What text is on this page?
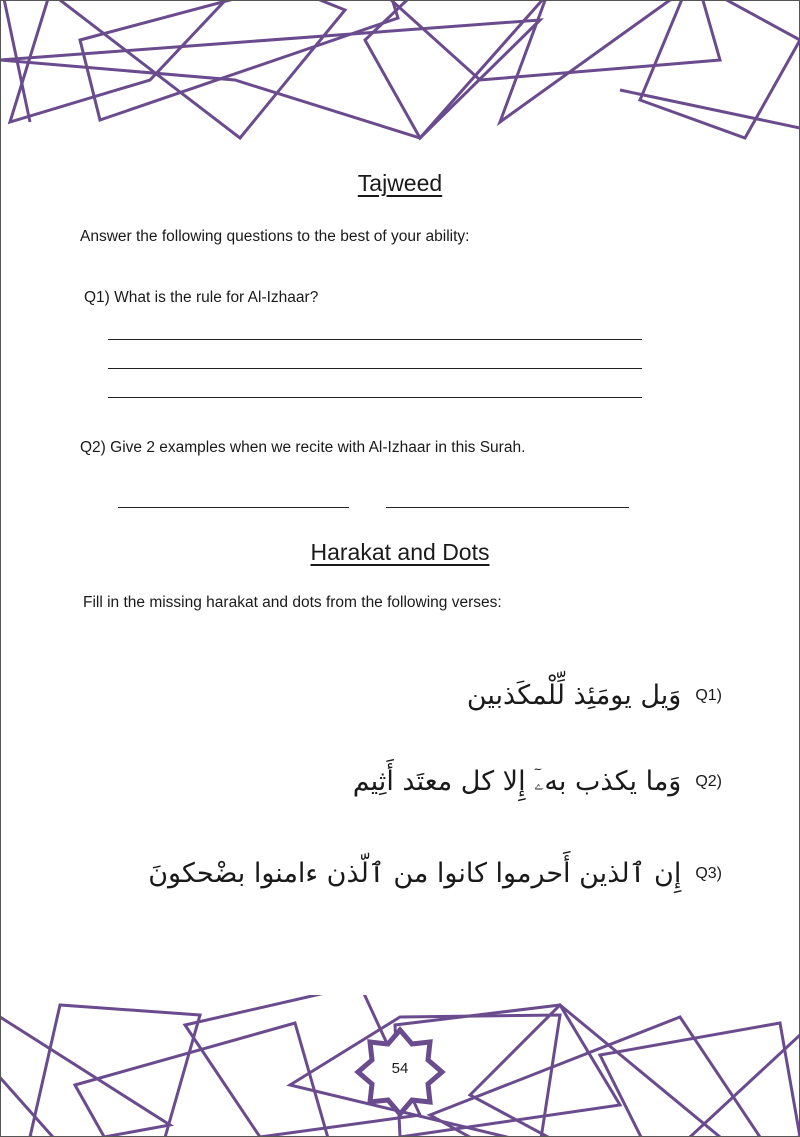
Tajweed
Answer the following questions to the best of your ability:
Q1) What is the rule for Al-Izhaar?
Q2) Give 2 examples when we recite with Al-Izhaar in this Surah.
Harakat and Dots
Fill in the missing harakat and dots from the following verses:
Q1)
وَيل يومَئِذ لِّلْمكَذبين
Q2)
وَما يكذب بهۦٓ إِلا كل معتَد أَثِيم
Q3)
إِن ٱلذين أَحرموا كانوا من ٱلّذن ءامنوا بضْحكونَ
54
